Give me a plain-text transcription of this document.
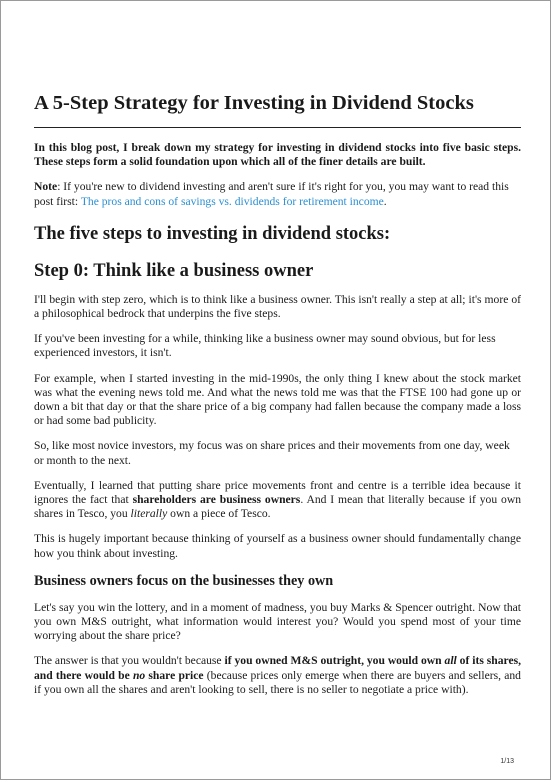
A 5-Step Strategy for Investing in Dividend Stocks

In this blog post, I break down my strategy for investing in dividend stocks into five basic steps. These steps form a solid foundation upon which all of the finer details are built.

Note: If you're new to dividend investing and aren't sure if it's right for you, you may want to read this post first: The pros and cons of savings vs. dividends for retirement income.

The five steps to investing in dividend stocks:
Step 0: Think like a business owner

I'll begin with step zero, which is to think like a business owner. This isn't really a step at all; it's more of a philosophical bedrock that underpins the five steps.

If you've been investing for a while, thinking like a business owner may sound obvious, but for less experienced investors, it isn't.

For example, when I started investing in the mid-1990s, the only thing I knew about the stock market was what the evening news told me. And what the news told me was that the FTSE 100 had gone up or down a bit that day or that the share price of a big company had fallen because the company made a loss or had some bad publicity.

So, like most novice investors, my focus was on share prices and their movements from one day, week or month to the next.

Eventually, I learned that putting share price movements front and centre is a terrible idea because it ignores the fact that shareholders are business owners. And I mean that literally because if you own shares in Tesco, you literally own a piece of Tesco.

This is hugely important because thinking of yourself as a business owner should fundamentally change how you think about investing.

Business owners focus on the businesses they own

Let's say you win the lottery, and in a moment of madness, you buy Marks & Spencer outright. Now that you own M&S outright, what information would interest you? Would you spend most of your time worrying about the share price?

The answer is that you wouldn't because if you owned M&S outright, you would own all of its shares, and there would be no share price (because prices only emerge when there are buyers and sellers, and if you own all the shares and aren't looking to sell, there is no seller to negotiate a price with).

1/13
